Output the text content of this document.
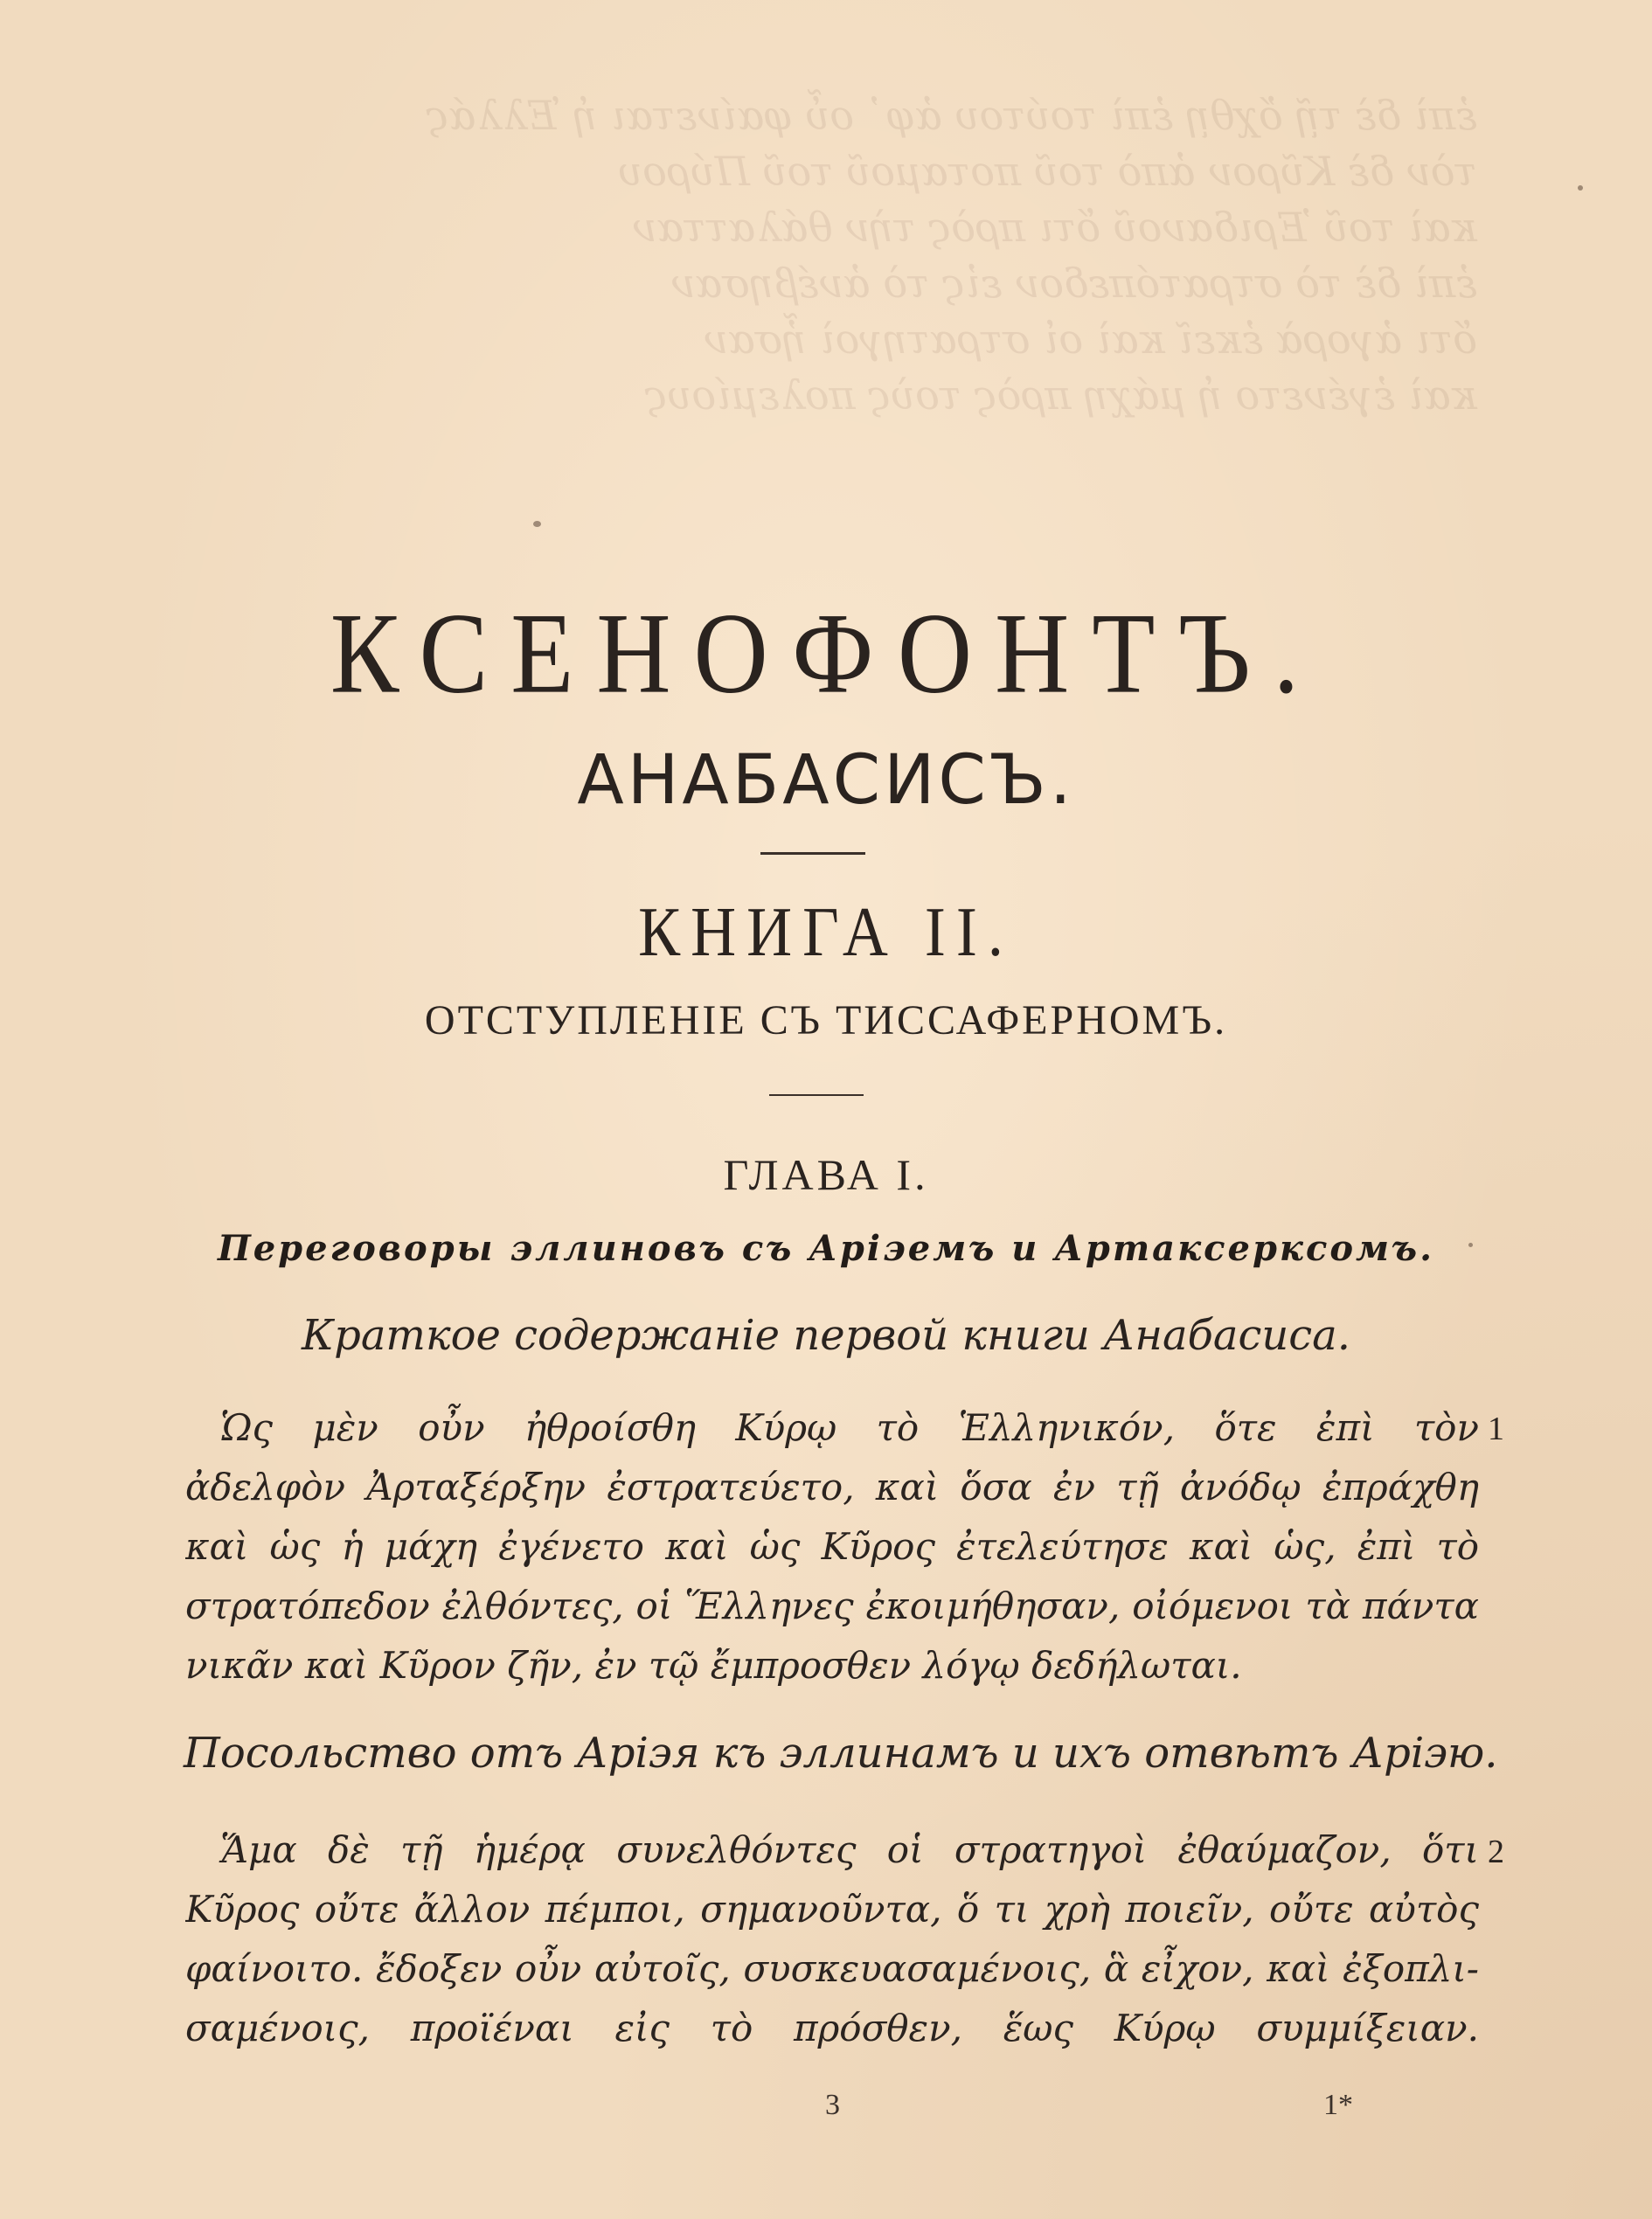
ἐπὶ δὲ τῇ ὄχθῃ ἐπὶ τούτου ἀφ᾽ οὗ φαίνεται ἡ Ἑλλάς
τὸν δὲ Κῦρον ἀπὸ τοῦ ποταμοῦ τοῦ Πύρου
καὶ τοῦ Ἐριδανοῦ ὅτι πρὸς τὴν θάλατταν
ἐπὶ δὲ τὸ στρατόπεδον εἰς τὸ ἀνέβησαν
ὅτι ἀγορὰ ἐκεῖ καὶ οἱ στρατηγοὶ ἦσαν
καὶ ἐγένετο ἡ μάχη πρὸς τοὺς πολεμίους
КСЕНОФОНТЪ.
АНАБАСИСЪ.
КНИГА II.
ОТСТУПЛЕНIЕ СЪ ТИССАФЕРНОМЪ.
ГЛАВА I.
Переговоры эллиновъ съ Арiэемъ и Артаксерксомъ.
Краткое содержанiе первой книги Анабасиса.
Ὡς μὲν οὖν ἠθροίσθη Κύρῳ τὸ Ἑλληνικόν, ὅτε ἐπὶ τὸν
ἀδελφὸν Ἀρταξέρξην ἐστρατεύετο, καὶ ὅσα ἐν τῇ ἀνόδῳ ἐπράχθη
καὶ ὡς ἡ μάχη ἐγένετο καὶ ὡς Κῦρος ἐτελεύτησε καὶ ὡς, ἐπὶ τὸ
στρατόπεδον ἐλθόντες, οἱ Ἕλληνες ἐκοιμήθησαν, οἰόμενοι τὰ πάντα
νικᾶν καὶ Κῦρον ζῆν, ἐν τῷ ἔμπροσθεν λόγῳ δεδήλωται.
1
Посольство отъ Арiэя къ эллинамъ и ихъ отвѣтъ Арiэю.
Ἅμα δὲ τῇ ἡμέρᾳ συνελθόντες οἱ στρατηγοὶ ἐθαύμαζον, ὅτι
Κῦρος οὔτε ἄλλον πέμποι, σημανοῦντα, ὅ τι χρὴ ποιεῖν, οὔτε αὐτὸς
φαίνοιτο. ἔδοξεν οὖν αὐτοῖς, συσκευασαμένοις, ἃ εἶχον, καὶ ἐξοπλι-
σαμένοις, προϊέναι εἰς τὸ πρόσθεν, ἕως Κύρῳ συμμίξειαν.
2
3	1*
